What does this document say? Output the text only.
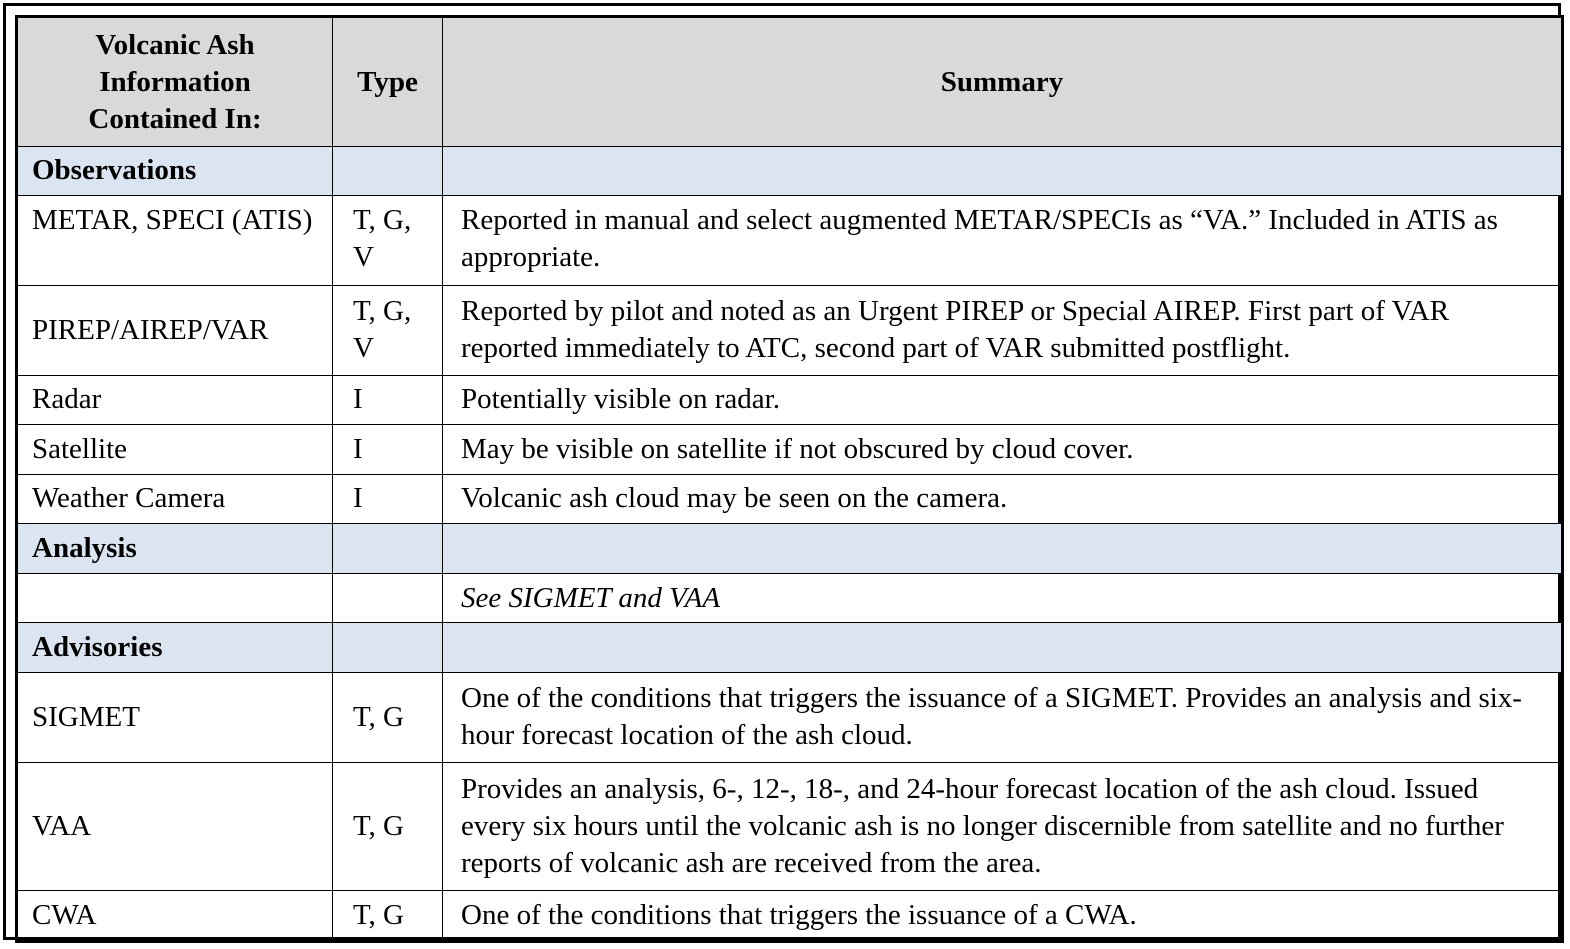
Volcanic Ash Information Contained In:	Type	Summary
Observations		
METAR, SPECI (ATIS)	T, G, V	Reported in manual and select augmented METAR/SPECIs as “VA.” Included in ATIS as appropriate.
PIREP/AIREP/VAR	T, G, V	Reported by pilot and noted as an Urgent PIREP or Special AIREP. First part of VAR reported immediately to ATC, second part of VAR submitted postflight.
Radar	I	Potentially visible on radar.
Satellite	I	May be visible on satellite if not obscured by cloud cover.
Weather Camera	I	Volcanic ash cloud may be seen on the camera.
Analysis		
		See SIGMET and VAA
Advisories		
SIGMET	T, G	One of the conditions that triggers the issuance of a SIGMET. Provides an analysis and six-hour forecast location of the ash cloud.
VAA	T, G	Provides an analysis, 6-, 12-, 18-, and 24-hour forecast location of the ash cloud. Issued every six hours until the volcanic ash is no longer discernible from satellite and no further reports of volcanic ash are received from the area.
CWA	T, G	One of the conditions that triggers the issuance of a CWA.
